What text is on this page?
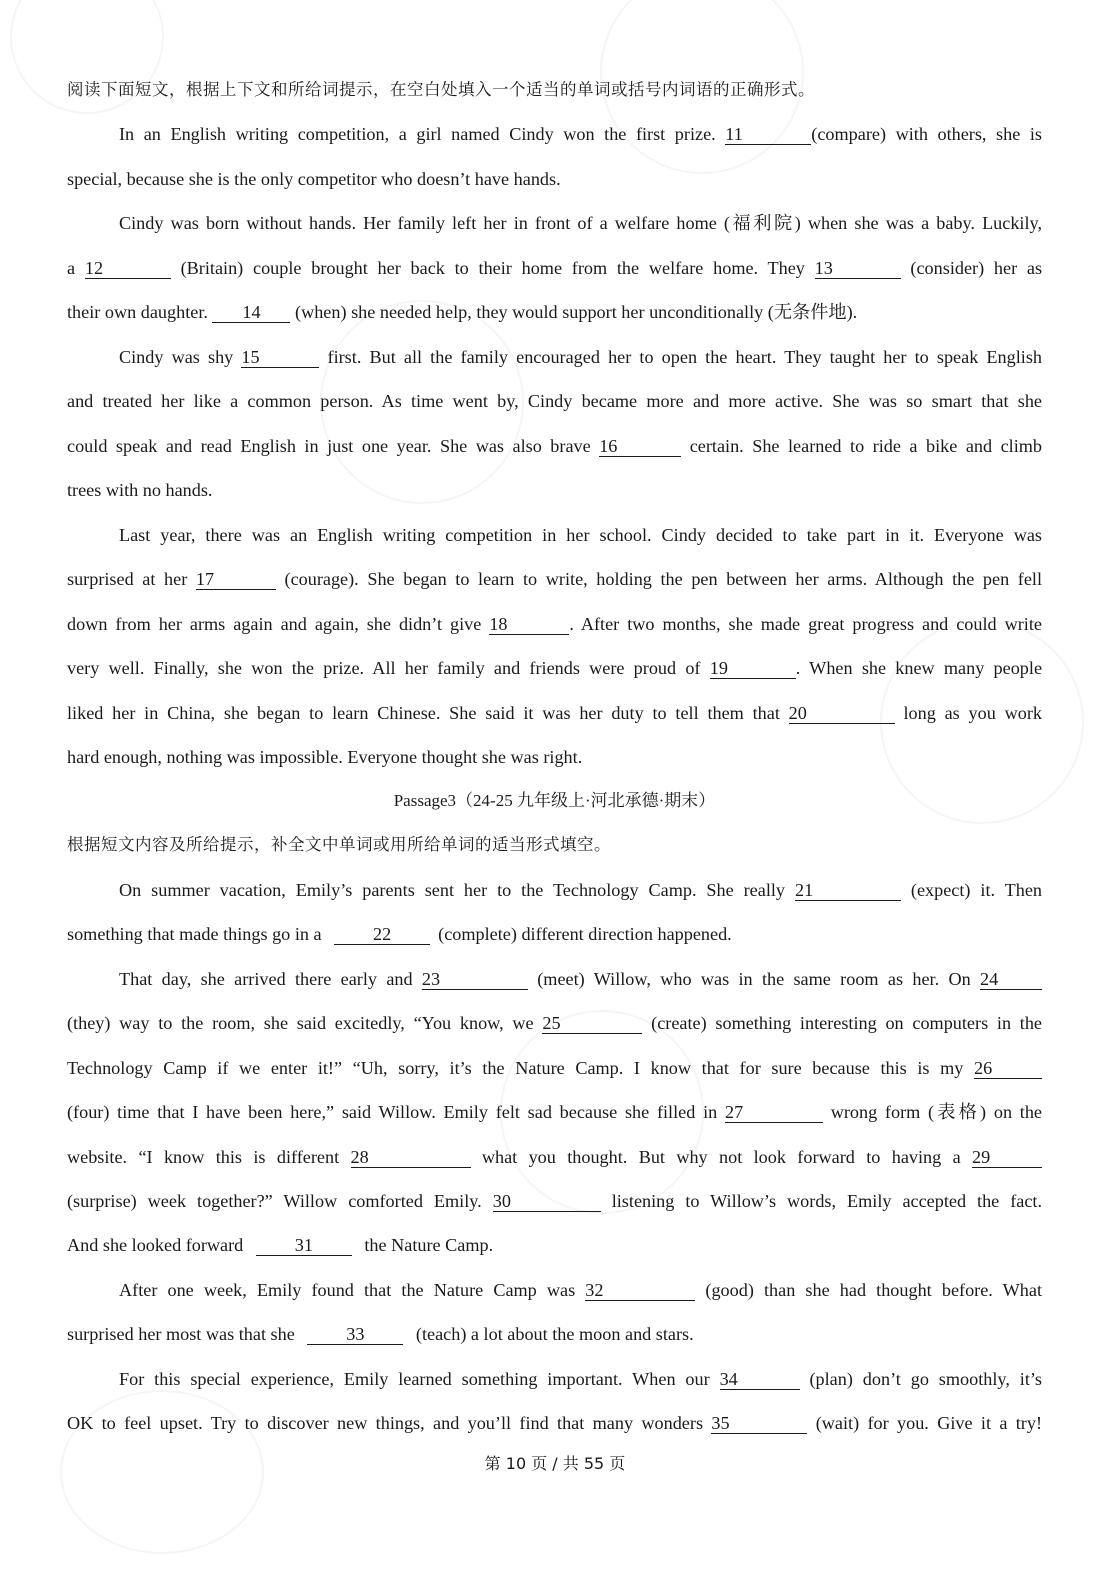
阅读下面短文，根据上下文和所给词提示，在空白处填入一个适当的单词或括号内词语的正确形式。
In an English writing competition, a girl named Cindy won the first prize. 11	(compare) with others, she is
special, because she is the only competitor who doesn’t have hands.
Cindy was born without hands. Her family left her in front of a welfare home (福利院) when she was a baby. Luckily,
a 12	(Britain) couple brought her back to their home from the welfare home. They 13	(consider) her as
their own daughter. 14 (when) she needed help, they would support her unconditionally (无条件地).
Cindy was shy 15	first. But all the family encouraged her to open the heart. They taught her to speak English
and treated her like a common person. As time went by, Cindy became more and more active. She was so smart that she
could speak and read English in just one year. She was also brave 16	certain. She learned to ride a bike and climb
trees with no hands.
Last year, there was an English writing competition in her school. Cindy decided to take part in it. Everyone was
surprised at her 17	(courage). She began to learn to write, holding the pen between her arms. Although the pen fell
down from her arms again and again, she didn’t give 18	. After two months, she made great progress and could write
very well. Finally, she won the prize. All her family and friends were proud of 19	. When she knew many people
liked her in China, she began to learn Chinese. She said it was her duty to tell them that 20	long as you work
hard enough, nothing was impossible. Everyone thought she was right.
Passage3（24-25 九年级上·河北承德·期末）
根据短文内容及所给提示，补全文中单词或用所给单词的适当形式填空。
On summer vacation, Emily’s parents sent her to the Technology Camp. She really 21	(expect) it. Then
something that made things go in a	22	(complete) different direction happened.
That day, she arrived there early and 23	(meet) Willow, who was in the same room as her. On 24
(they) way to the room, she said excitedly, “You know, we 25	(create) something interesting on computers in the
Technology Camp if we enter it!” “Uh, sorry, it’s the Nature Camp. I know that for sure because this is my 26
(four) time that I have been here,” said Willow. Emily felt sad because she filled in 27	wrong form (表格) on the
website. “I know this is different 28	what you thought. But why not look forward to having a 29
(surprise) week together?” Willow comforted Emily. 30	listening to Willow’s words, Emily accepted the fact.
And she looked forward	31	the Nature Camp.
After one week, Emily found that the Nature Camp was 32	(good) than she had thought before. What
surprised her most was that she	33	(teach) a lot about the moon and stars.
For this special experience, Emily learned something important. When our 34	(plan) don’t go smoothly, it’s
OK to feel upset. Try to discover new things, and you’ll find that many wonders 35	(wait) for you. Give it a try!
第 10 页 / 共 55 页
